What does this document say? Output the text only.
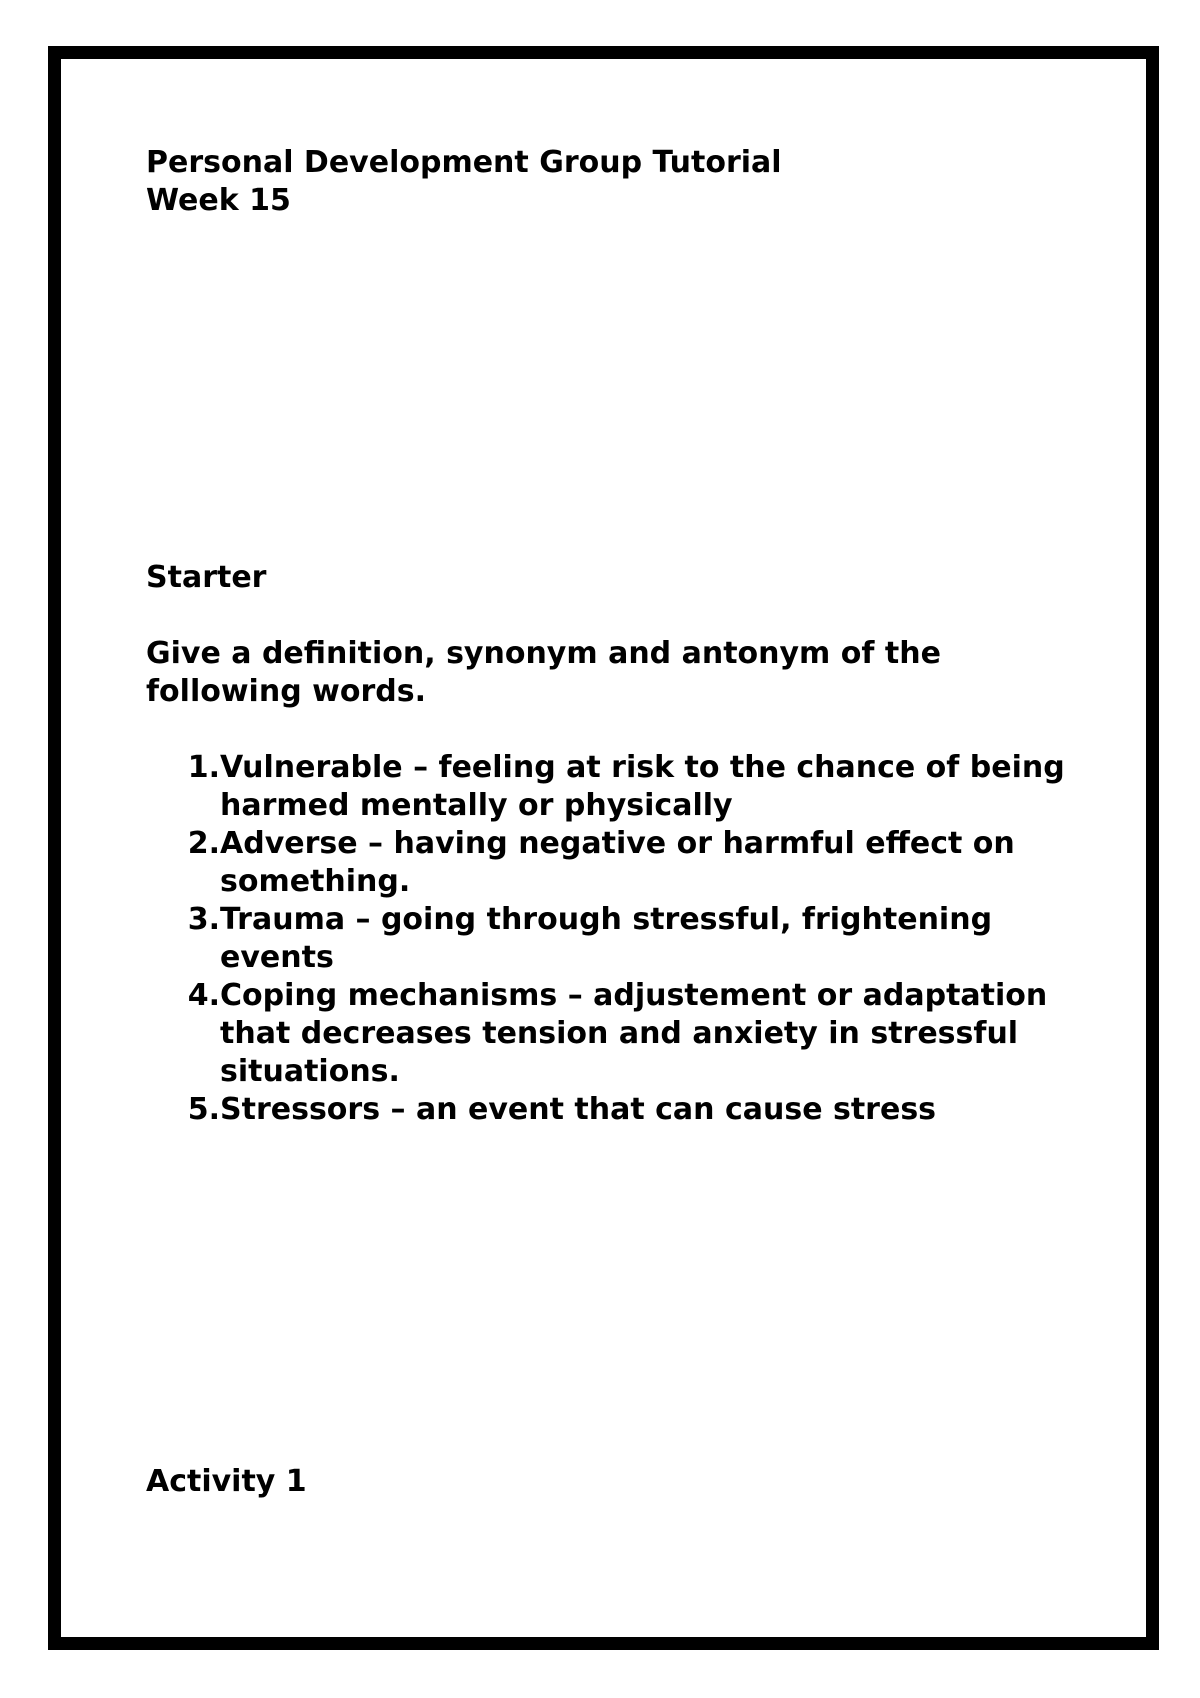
Personal Development Group Tutorial
Week 15

Starter

Give a definition, synonym and antonym of the following words.

1. Vulnerable – feeling at risk to the chance of being harmed mentally or physically
2. Adverse – having negative or harmful effect on something.
3. Trauma – going through stressful, frightening events
4. Coping mechanisms – adjustement or adaptation that decreases tension and anxiety in stressful situations.
5. Stressors – an event that can cause stress

Activity 1
